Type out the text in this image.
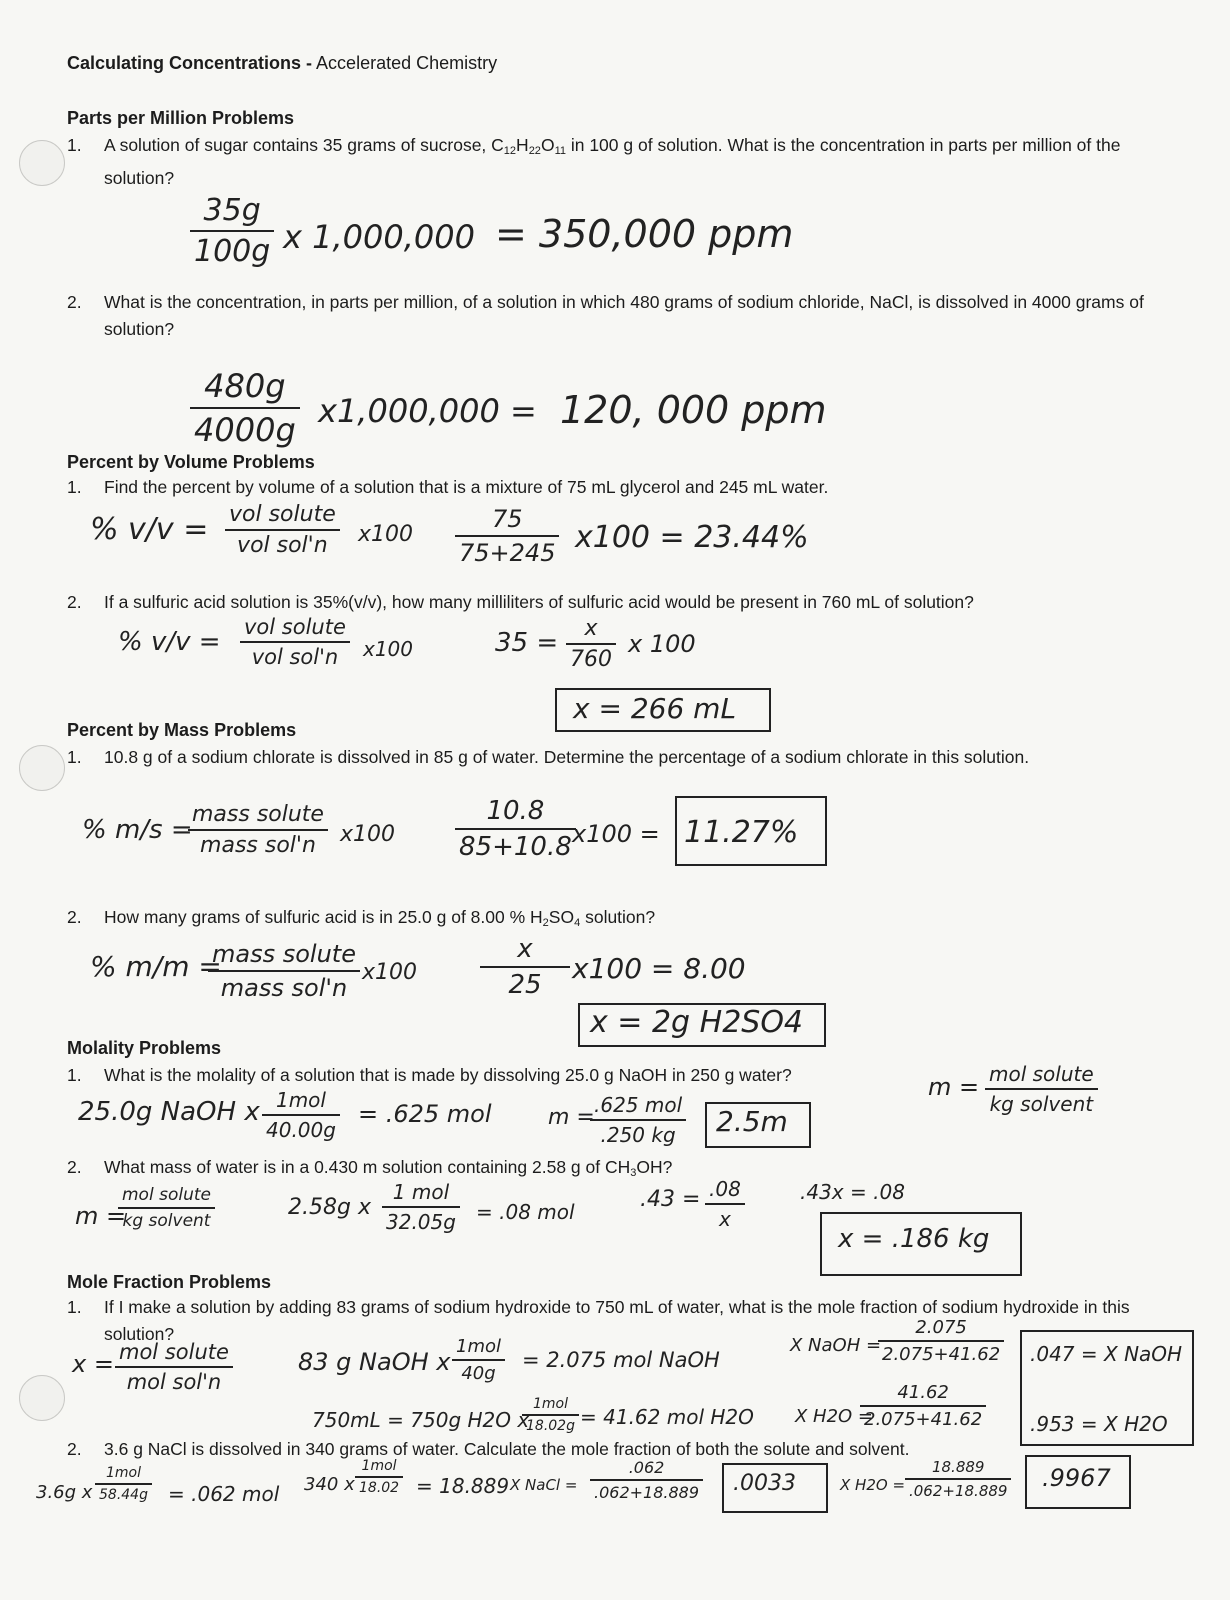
Calculating Concentrations - Accelerated Chemistry
Parts per Million Problems
1. A solution of sugar contains 35 grams of sucrose, $C_{12}H_{22}O_{11}$ in 100 g of solution. What is the concentration in parts per million of the solution?
$\frac{35g}{100g}$ x 1,000,000 = 350,000 ppm
2. What is the concentration, in parts per million, of a solution in which 480 grams of sodium chloride, NaCl, is dissolved in 4000 grams of solution?
$\frac{480g}{4000g} x1,000,000 = 120$, 000 ppm
Percent by Volume Problems
1. Find the percent by volume of a solution that is a mixture of 75 mL glycerol and 245 mL water.
% v/v = vol solute
vol sol'n	$x100 \frac{75}{75+245} x100 = 23.44\%$
2. If a sulfuric acid solution is 35%(v/v), how many milliliters of sulfuric acid would be present in 760 mL of solution?
% v/v = vol solute
vol sol'n	x100	$35 = \frac{x}{760}$ x 100
x = 266 mL
Percent by Mass Problems
1. 10.8 g of a sodium chlorate is dissolved in 85 g of water. Determine the percentage of a sodium chlorate in this solution.
% m/s =
mass solute
mass sol'n	$x100 \frac{10.8}{85+10.8}$
x100 = 11.27%
2. How many grams of sulfuric acid is in 25.0 g of 8.00 % $H_2SO_4$ solution?
% m/m =
mass solute
mass sol'n
$x100 \frac{x}{25} x100 = 8.00$
x = 2g H2SO4
Molality Problems
1. What is the molality of a solution that is made by dissolving 25.0 g NaOH in 250 g water?	m = mol solute
kg solvent
25.0g NaOH x 1mol
40.00g
= .625 mol	m = .625 mol
.250 kg	2.5m
2. What mass of water is in a 0.430 m solution containing 2.58 g of $CH_3OH$?
m =
mol solute
kg solvent
2.58g x
1 mol
32.05g = .08 mol	$.43 = \frac{.08}{x}$	.43x = .08
x = .186 kg
Mole Fraction Problems
1. If I make a solution by adding 83 grams of sodium hydroxide to 750 mL of water, what is the mole fraction of sodium hydroxide in this solution?
x = mol solute
mol sol'n
83 g NaOH x
1mol
40g
= 2.075 mol NaOH
X NaOH =
$\frac{2.075}{2.075+41.62} .047 = X$ NaOH
750mL = 750g H2O x
1mol
18.02g = 41.62 mol H2O X H2O =
$\frac{41.62}{2.075+41.62} .953 = X$ H2O
2. 3.6 g NaCl is dissolved in 340 grams of water. Calculate the mole fraction of both the solute and solvent.
3.6g x
1mol
58.44g = .062 mol 340 x
1mol
18.02 = 18.889 X NaCl = $\frac{.062}{.062+18.889} .0033$	X $H2O = \frac{18.889}{.062+18.889} .9967$
